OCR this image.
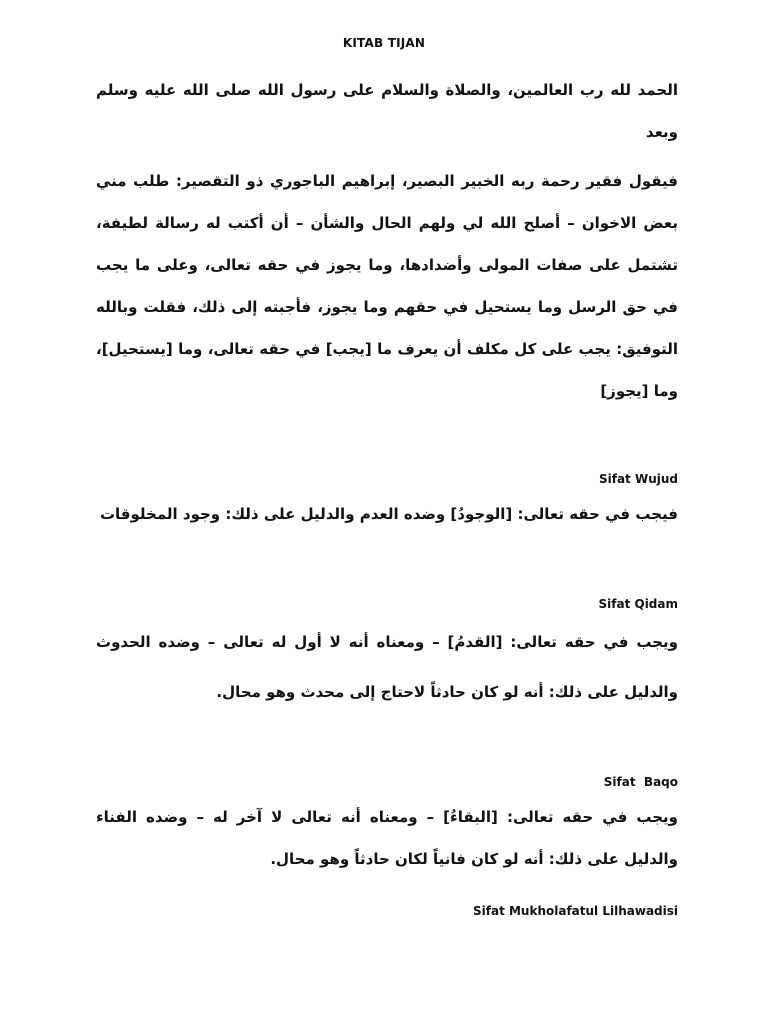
KITAB TIJAN
الحمد لله رب العالمين، والصلاة والسلام على رسول الله صلى الله عليه وسلم وبعد
فيقول فقير رحمة ربه الخبير البصير، إبراهيم الباجوري ذو التقصير: طلب مني بعض الاخوان – أصلح الله لي ولهم الحال والشأن – أن أكتب له رسالة لطيفة، تشتمل على صفات المولى وأضدادها، وما يجوز في حقه تعالى، وعلى ما يجب في حق الرسل وما يستحيل في حقهم وما يجوز، فأجبته إلى ذلك، فقلت وبالله التوفيق: يجب على كل مكلف أن يعرف ما [يجب] في حقه تعالى، وما [يستحيل]، وما [يجوز]
Sifat Wujud
فيجب في حقه تعالى: [الوجودُ] وضده العدم والدليل على ذلك: وجود المخلوقات
Sifat Qidam
ويجب في حقه تعالى: [القدمُ] – ومعناه أنه لا أول له تعالى – وضده الحدوث والدليل على ذلك: أنه لو كان حادثاً لاحتاج إلى محدث وهو محال.
Sifat  Baqo
ويجب في حقه تعالى: [البقاءُ] – ومعناه أنه تعالى لا آخر له – وضده الفناء والدليل على ذلك: أنه لو كان فانياً لكان حادثاً وهو محال.
Sifat Mukholafatul Lilhawadisi
